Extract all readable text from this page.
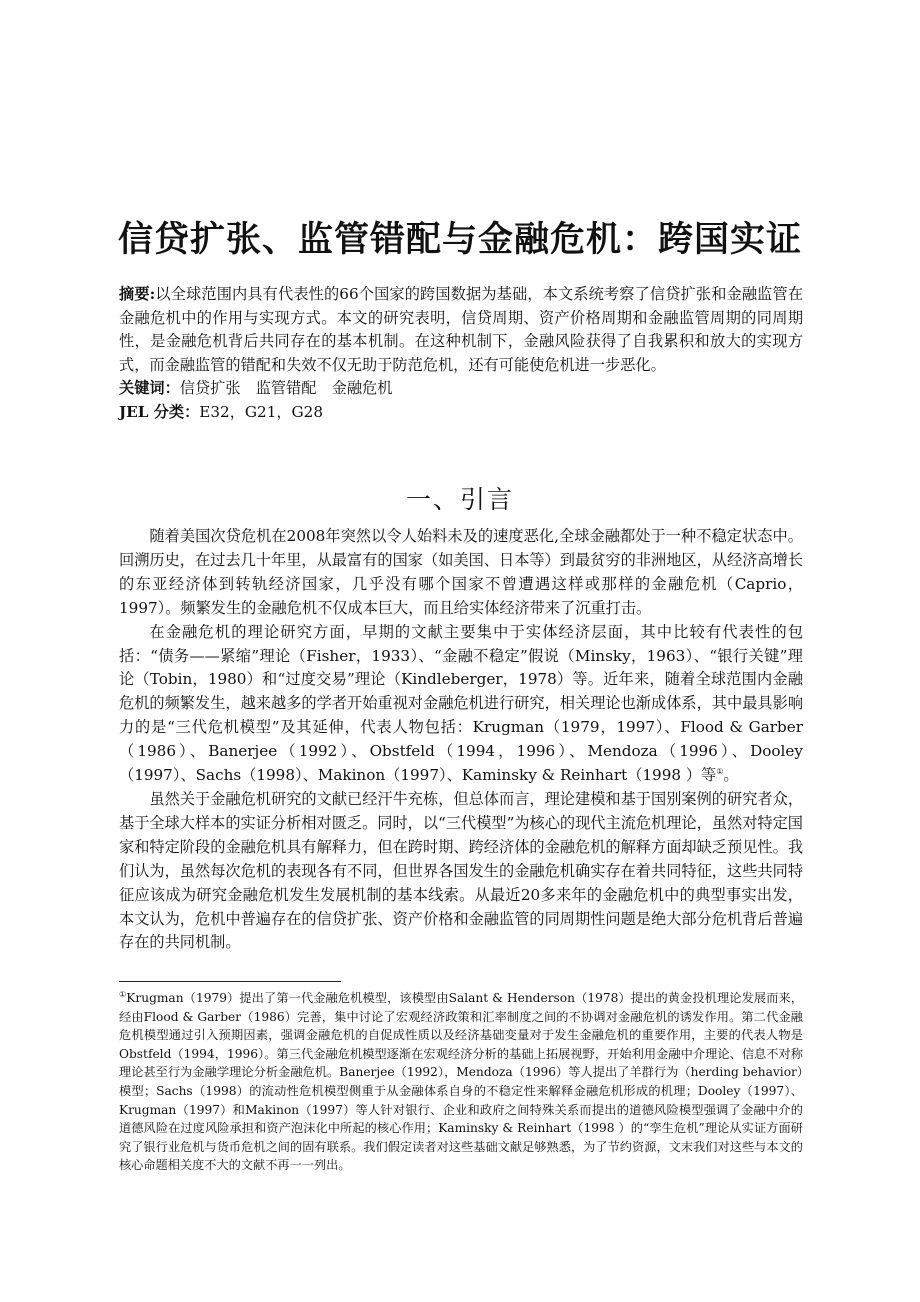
信贷扩张、监管错配与金融危机：跨国实证

摘要:以全球范围内具有代表性的66个国家的跨国数据为基础，本文系统考察了信贷扩张和金融监管在金融危机中的作用与实现方式。本文的研究表明，信贷周期、资产价格周期和金融监管周期的同周期性，是金融危机背后共同存在的基本机制。在这种机制下，金融风险获得了自我累积和放大的实现方式，而金融监管的错配和失效不仅无助于防范危机，还有可能使危机进一步恶化。

关键词：信贷扩张　监管错配　金融危机

JEL 分类：E32，G21，G28

一、引言

随着美国次贷危机在2008年突然以令人始料未及的速度恶化,全球金融都处于一种不稳定状态中。回溯历史，在过去几十年里，从最富有的国家（如美国、日本等）到最贫穷的非洲地区，从经济高增长的东亚经济体到转轨经济国家，几乎没有哪个国家不曾遭遇这样或那样的金融危机（Caprio，1997）。频繁发生的金融危机不仅成本巨大，而且给实体经济带来了沉重打击。

在金融危机的理论研究方面，早期的文献主要集中于实体经济层面，其中比较有代表性的包括：“债务——紧缩”理论（Fisher，1933）、“金融不稳定”假说（Minsky，1963）、“银行关键”理论（Tobin，1980）和“过度交易”理论（Kindleberger，1978）等。近年来，随着全球范围内金融危机的频繁发生，越来越多的学者开始重视对金融危机进行研究，相关理论也渐成体系，其中最具影响力的是“三代危机模型”及其延伸，代表人物包括：Krugman（1979，1997）、Flood & Garber（1986）、Banerjee（1992）、Obstfeld（1994，1996）、Mendoza（1996）、Dooley（1997）、Sachs（1998）、Makinon（1997）、Kaminsky & Reinhart（1998 ）等①。

虽然关于金融危机研究的文献已经汗牛充栋，但总体而言，理论建模和基于国别案例的研究者众，基于全球大样本的实证分析相对匮乏。同时，以“三代模型”为核心的现代主流危机理论，虽然对特定国家和特定阶段的金融危机具有解释力，但在跨时期、跨经济体的金融危机的解释方面却缺乏预见性。我们认为，虽然每次危机的表现各有不同，但世界各国发生的金融危机确实存在着共同特征，这些共同特征应该成为研究金融危机发生发展机制的基本线索。从最近20多来年的金融危机中的典型事实出发，本文认为，危机中普遍存在的信贷扩张、资产价格和金融监管的同周期性问题是绝大部分危机背后普遍存在的共同机制。

①Krugman（1979）提出了第一代金融危机模型，该模型由Salant & Henderson（1978）提出的黄金投机理论发展而来，经由Flood & Garber（1986）完善，集中讨论了宏观经济政策和汇率制度之间的不协调对金融危机的诱发作用。第二代金融危机模型通过引入预期因素，强调金融危机的自促成性质以及经济基础变量对于发生金融危机的重要作用，主要的代表人物是Obstfeld（1994，1996）。第三代金融危机模型逐渐在宏观经济分析的基础上拓展视野，开始利用金融中介理论、信息不对称理论甚至行为金融学理论分析金融危机。Banerjee（1992），Mendoza（1996）等人提出了羊群行为（herding behavior）模型；Sachs（1998）的流动性危机模型侧重于从金融体系自身的不稳定性来解释金融危机形成的机理；Dooley（1997）、Krugman（1997）和Makinon（1997）等人针对银行、企业和政府之间特殊关系而提出的道德风险模型强调了金融中介的道德风险在过度风险承担和资产泡沫化中所起的核心作用；Kaminsky & Reinhart（1998 ）的“孪生危机”理论从实证方面研究了银行业危机与货币危机之间的固有联系。我们假定读者对这些基础文献足够熟悉，为了节约资源，文末我们对这些与本文的核心命题相关度不大的文献不再一一列出。
